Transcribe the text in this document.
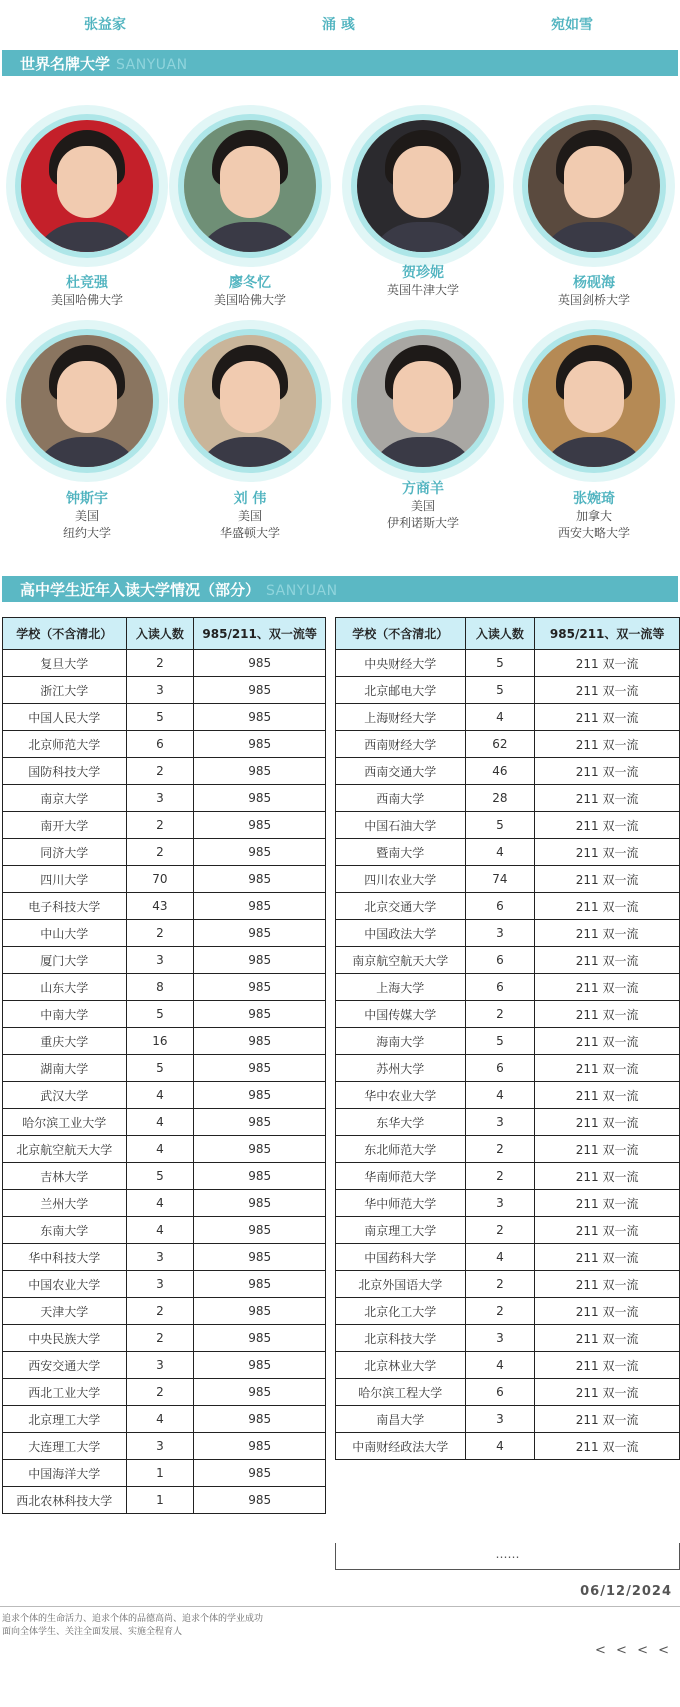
张益家	涌 彧	宛如雪
世界名牌大学 SANYUAN
杜竞强
美国哈佛大学
廖冬忆
美国哈佛大学
贺珍妮
英国牛津大学	杨砚海
英国剑桥大学
钟斯宇
美国
纽约大学
刘 伟
美国
华盛顿大学
方商羊
美国
伊利诺斯大学
张婉琦
加拿大
西安大略大学
高中学生近年入读大学情况（部分） SANYUAN
学校（不含清北）	入读人数	985/211、双一流等
复旦大学	2	985
浙江大学	3	985
中国人民大学	5	985
北京师范大学	6	985
国防科技大学	2	985
南京大学	3	985
南开大学	2	985
同济大学	2	985
四川大学	70	985
电子科技大学	43	985
中山大学	2	985
厦门大学	3	985
山东大学	8	985
中南大学	5	985
重庆大学	16	985
湖南大学	5	985
武汉大学	4	985
哈尔滨工业大学	4	985
北京航空航天大学	4	985
吉林大学	5	985
兰州大学	4	985
东南大学	4	985
华中科技大学	3	985
中国农业大学	3	985
天津大学	2	985
中央民族大学	2	985
西安交通大学	3	985
西北工业大学	2	985
北京理工大学	4	985
大连理工大学	3	985
中国海洋大学	1	985
西北农林科技大学	1	985
学校（不含清北）	入读人数	985/211、双一流等
中央财经大学	5	211 双一流
北京邮电大学	5	211 双一流
上海财经大学	4	211 双一流
西南财经大学	62	211 双一流
西南交通大学	46	211 双一流
西南大学	28	211 双一流
中国石油大学	5	211 双一流
暨南大学	4	211 双一流
四川农业大学	74	211 双一流
北京交通大学	6	211 双一流
中国政法大学	3	211 双一流
南京航空航天大学	6	211 双一流
上海大学	6	211 双一流
中国传媒大学	2	211 双一流
海南大学	5	211 双一流
苏州大学	6	211 双一流
华中农业大学	4	211 双一流
东华大学	3	211 双一流
东北师范大学	2	211 双一流
华南师范大学	2	211 双一流
华中师范大学	3	211 双一流
南京理工大学	2	211 双一流
中国药科大学	4	211 双一流
北京外国语大学	2	211 双一流
北京化工大学	2	211 双一流
北京科技大学	3	211 双一流
北京林业大学	4	211 双一流
哈尔滨工程大学	6	211 双一流
南昌大学	3	211 双一流
中南财经政法大学	4	211 双一流
……
06/12/2024
追求个体的生命活力、追求个体的品德高尚、追求个体的学业成功
面向全体学生、关注全面发展、实施全程育人
< < < <
